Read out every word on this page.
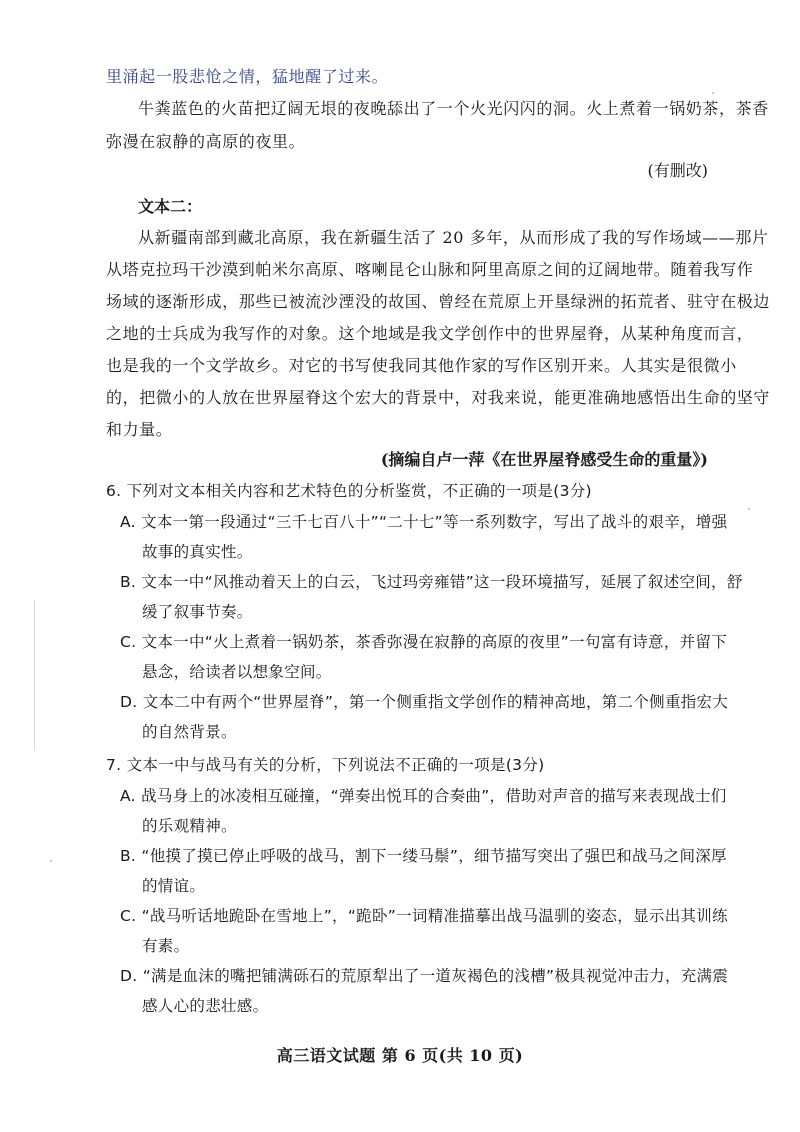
里涌起一股悲怆之情，猛地醒了过来。
牛粪蓝色的火苗把辽阔无垠的夜晚舔出了一个火光闪闪的洞。火上煮着一锅奶茶，茶香
弥漫在寂静的高原的夜里。
(有删改)
文本二：
从新疆南部到藏北高原，我在新疆生活了 20 多年，从而形成了我的写作场域——那片
从塔克拉玛干沙漠到帕米尔高原、喀喇昆仑山脉和阿里高原之间的辽阔地带。随着我写作
场域的逐渐形成，那些已被流沙湮没的故国、曾经在荒原上开垦绿洲的拓荒者、驻守在极边
之地的士兵成为我写作的对象。这个地域是我文学创作中的世界屋脊，从某种角度而言，
也是我的一个文学故乡。对它的书写使我同其他作家的写作区别开来。人其实是很微小
的，把微小的人放在世界屋脊这个宏大的背景中，对我来说，能更准确地感悟出生命的坚守
和力量。
(摘编自卢一萍《在世界屋脊感受生命的重量》)
6. 下列对文本相关内容和艺术特色的分析鉴赏，不正确的一项是(3分)
A. 文本一第一段通过“三千七百八十”“二十七”等一系列数字，写出了战斗的艰辛，增强
故事的真实性。
B. 文本一中“风推动着天上的白云，飞过玛旁雍错”这一段环境描写，延展了叙述空间，舒
缓了叙事节奏。
C. 文本一中“火上煮着一锅奶茶，茶香弥漫在寂静的高原的夜里”一句富有诗意，并留下
悬念，给读者以想象空间。
D. 文本二中有两个“世界屋脊”，第一个侧重指文学创作的精神高地，第二个侧重指宏大
的自然背景。
7. 文本一中与战马有关的分析，下列说法不正确的一项是(3分)
A. 战马身上的冰凌相互碰撞，“弹奏出悦耳的合奏曲”，借助对声音的描写来表现战士们
的乐观精神。
B. “他摸了摸已停止呼吸的战马，割下一缕马鬃”，细节描写突出了强巴和战马之间深厚
的情谊。
C. “战马听话地跪卧在雪地上”，“跪卧”一词精准描摹出战马温驯的姿态，显示出其训练
有素。
D. “满是血沫的嘴把铺满砾石的荒原犁出了一道灰褐色的浅槽”极具视觉冲击力，充满震
感人心的悲壮感。
高三语文试题 第 6 页(共 10 页)
